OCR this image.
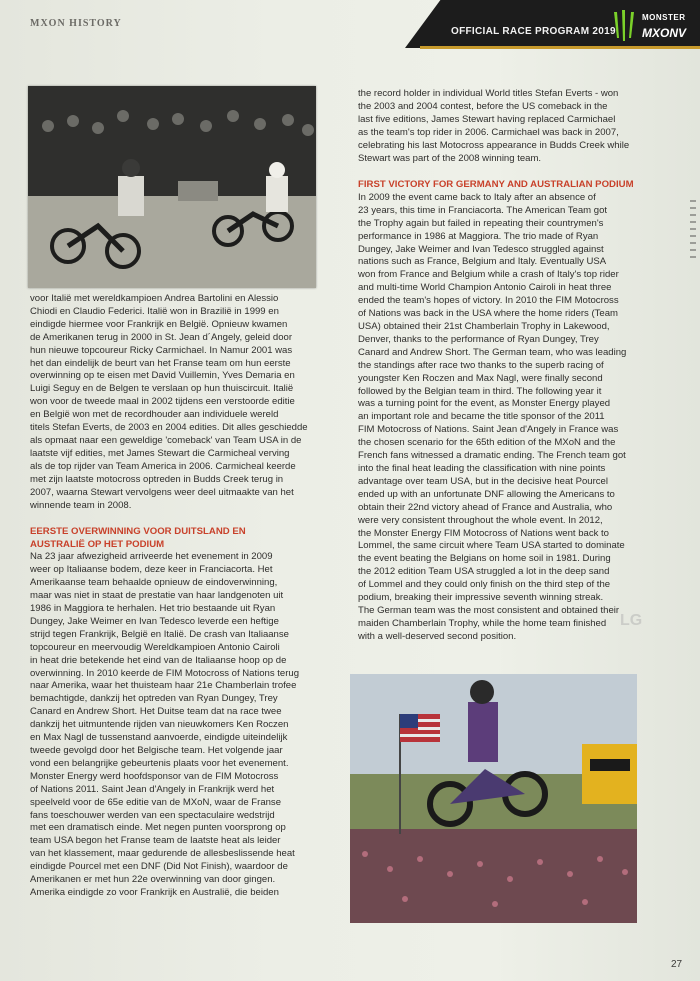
MXON HISTORY
OFFICIAL RACE PROGRAM 2019
MONSTER
MXONV

voor Italië met wereldkampioen Andrea Bartolini en Alessio
Chiodi en Claudio Federici. Italië won in Brazilië in 1999 en
eindigde hiermee voor Frankrijk en België. Opnieuw kwamen
de Amerikanen terug in 2000 in St. Jean d´Angely, geleid door
hun nieuwe topcoureur Ricky Carmichael. In Namur 2001 was
het dan eindelijk de beurt van het Franse team om hun eerste
overwinning op te eisen met David Vuillemin, Yves Demaria en
Luigi Seguy en de Belgen te verslaan op hun thuiscircuit. Italië
won voor de tweede maal in 2002 tijdens een verstoorde editie
en België won met de recordhouder aan individuele wereld
titels Stefan Everts, de 2003 en 2004 edities. Dit alles geschiedde
als opmaat naar een geweldige 'comeback' van Team USA in de
laatste vijf edities, met James Stewart die Carmicheal verving
als de top rijder van Team America in 2006. Carmicheal keerde
met zijn laatste motocross optreden in Budds Creek terug in
2007, waarna Stewart vervolgens weer deel uitmaakte van het
winnende team in 2008.

EERSTE OVERWINNING VOOR DUITSLAND EN
AUSTRALIË OP HET PODIUM

Na 23 jaar afwezigheid arriveerde het evenement in 2009
weer op Italiaanse bodem, deze keer in Franciacorta. Het
Amerikaanse team behaalde opnieuw de eindoverwinning,
maar was niet in staat de prestatie van haar landgenoten uit
1986 in Maggiora te herhalen. Het trio bestaande uit Ryan
Dungey, Jake Weimer en Ivan Tedesco leverde een heftige
strijd tegen Frankrijk, België en Italië. De crash van Italiaanse
topcoureur en meervoudig Wereldkampioen Antonio Cairoli
in heat drie betekende het eind van de Italiaanse hoop op de
overwinning. In 2010 keerde de FIM Motocross of Nations terug
naar Amerika, waar het thuisteam haar 21e Chamberlain trofee
bemachtigde, dankzij het optreden van Ryan Dungey, Trey
Canard en Andrew Short. Het Duitse team dat na race twee
dankzij het uitmuntende rijden van nieuwkomers Ken Roczen
en Max Nagl de tussenstand aanvoerde, eindigde uiteindelijk
tweede gevolgd door het Belgische team. Het volgende jaar
vond een belangrijke gebeurtenis plaats voor het evenement.
Monster Energy werd hoofdsponsor van de FIM Motocross
of Nations 2011. Saint Jean d'Angely in Frankrijk werd het
speelveld voor de 65e editie van de MXoN, waar de Franse
fans toeschouwer werden van een spectaculaire wedstrijd
met een dramatisch einde. Met negen punten voorsprong op
team USA begon het Franse team de laatste heat als leider
van het klassement, maar gedurende de allesbeslissende heat
eindigde Pourcel met een DNF (Did Not Finish), waardoor de
Amerikanen er met hun 22e overwinning van door gingen.
Amerika eindigde zo voor Frankrijk en Australië, die beiden

the record holder in individual World titles Stefan Everts - won
the 2003 and 2004 contest, before the US comeback in the
last five editions, James Stewart having replaced Carmichael
as the team's top rider in 2006. Carmichael was back in 2007,
celebrating his last Motocross appearance in Budds Creek while
Stewart was part of the 2008 winning team.

FIRST VICTORY FOR GERMANY AND AUSTRALIAN PODIUM

In 2009 the event came back to Italy after an absence of
23 years, this time in Franciacorta. The American Team got
the Trophy again but failed in repeating their countrymen's
performance in 1986 at Maggiora. The trio made of Ryan
Dungey, Jake Weimer and Ivan Tedesco struggled against
nations such as France, Belgium and Italy. Eventually USA
won from France and Belgium while a crash of Italy's top rider
and multi-time World Champion Antonio Cairoli in heat three
ended the team's hopes of victory. In 2010 the FIM Motocross
of Nations was back in the USA where the home riders (Team
USA) obtained their 21st Chamberlain Trophy in Lakewood,
Denver, thanks to the performance of Ryan Dungey, Trey
Canard and Andrew Short. The German team, who was leading
the standings after race two thanks to the superb racing of
youngster Ken Roczen and Max Nagl, were finally second
followed by the Belgian team in third. The following year it
was a turning point for the event, as Monster Energy played
an important role and became the title sponsor of the 2011
FIM Motocross of Nations. Saint Jean d'Angely in France was
the chosen scenario for the 65th edition of the MXoN and the
French fans witnessed a dramatic ending. The French team got
into the final heat leading the classification with nine points
advantage over team USA, but in the decisive heat Pourcel
ended up with an unfortunate DNF allowing the Americans to
obtain their 22nd victory ahead of France and Australia, who
were very consistent throughout the whole event. In 2012,
the Monster Energy FIM Motocross of Nations went back to
Lommel, the same circuit where Team USA started to dominate
the event beating the Belgians on home soil in 1981. During
the 2012 edition Team USA struggled a lot in the deep sand
of Lommel and they could only finish on the third step of the
podium, breaking their impressive seventh winning streak.
The German team was the most consistent and obtained their
maiden Chamberlain Trophy, while the home team finished
with a well-deserved second position.

LG
27
